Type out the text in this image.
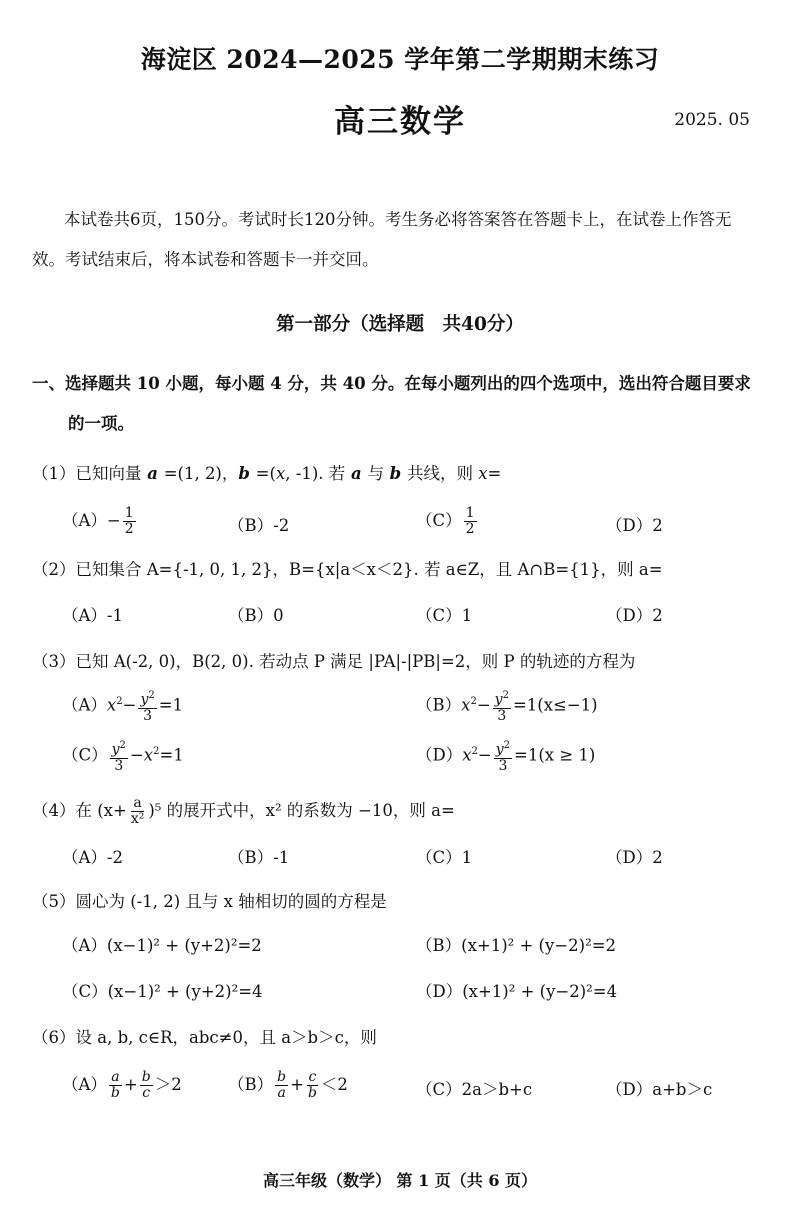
海淀区 2024—2025 学年第二学期期末练习
高三数学	2025. 05
本试卷共6页，150分。考试时长120分钟。考生务必将答案答在答题卡上，在试卷上作答无效。考试结束后，将本试卷和答题卡一并交回。
第一部分（选择题　共40分）
一、选择题共 10 小题，每小题 4 分，共 40 分。在每小题列出的四个选项中，选出符合题目要求
的一项。
（1）已知向量 a =(1, 2)，b =(x, -1). 若 a 与 b 共线，则 x=
$(A)- \frac{1}{2}$	（B）-2	$(C) \frac{1}{2}$	（D）2
（2）已知集合 A={-1, 0, 1, 2}，B={x|a＜x＜2}. 若 a∈Z，且 A∩B={1}，则 a=
（A）-1	（B）0	（C）1	（D）2
（3）已知 A(-2, 0)，B(2, 0). 若动点 P 满足 |PA|-|PB|=2，则 P 的轨迹的方程为
$(A)x^2- \frac{y^2}{3} =1$	$(B)x^2- \frac{y^2}{3} =1(x\le-1)$
$(C) \frac{y^2}{3} -x^2=1$	$(D)x^2- \frac{y^2}{3} =1(x \ge 1)$
（4）在 $(x+ \frac{a}{\text{x²}} )^5$ 的展开式中，x² 的系数为 −10，则 a=
（A）-2	（B）-1	（C）1	（D）2
（5）圆心为 (-1, 2) 且与 x 轴相切的圆的方程是
（A）(x−1)² + (y+2)²=2	（B）(x+1)² + (y−2)²=2
（C）(x−1)² + (y+2)²=4	（D）(x+1)² + (y−2)²=4
（6）设 a, b, c∈R，abc≠0，且 a＞b＞c，则
$(A) \frac{a}{b} + \frac{b}{c} >2$	$(B) \frac{b}{a} + \frac{c}{b} <2$	（C）2a＞b+c	（D）a+b＞c
高三年级（数学） 第 1 页（共 6 页）
